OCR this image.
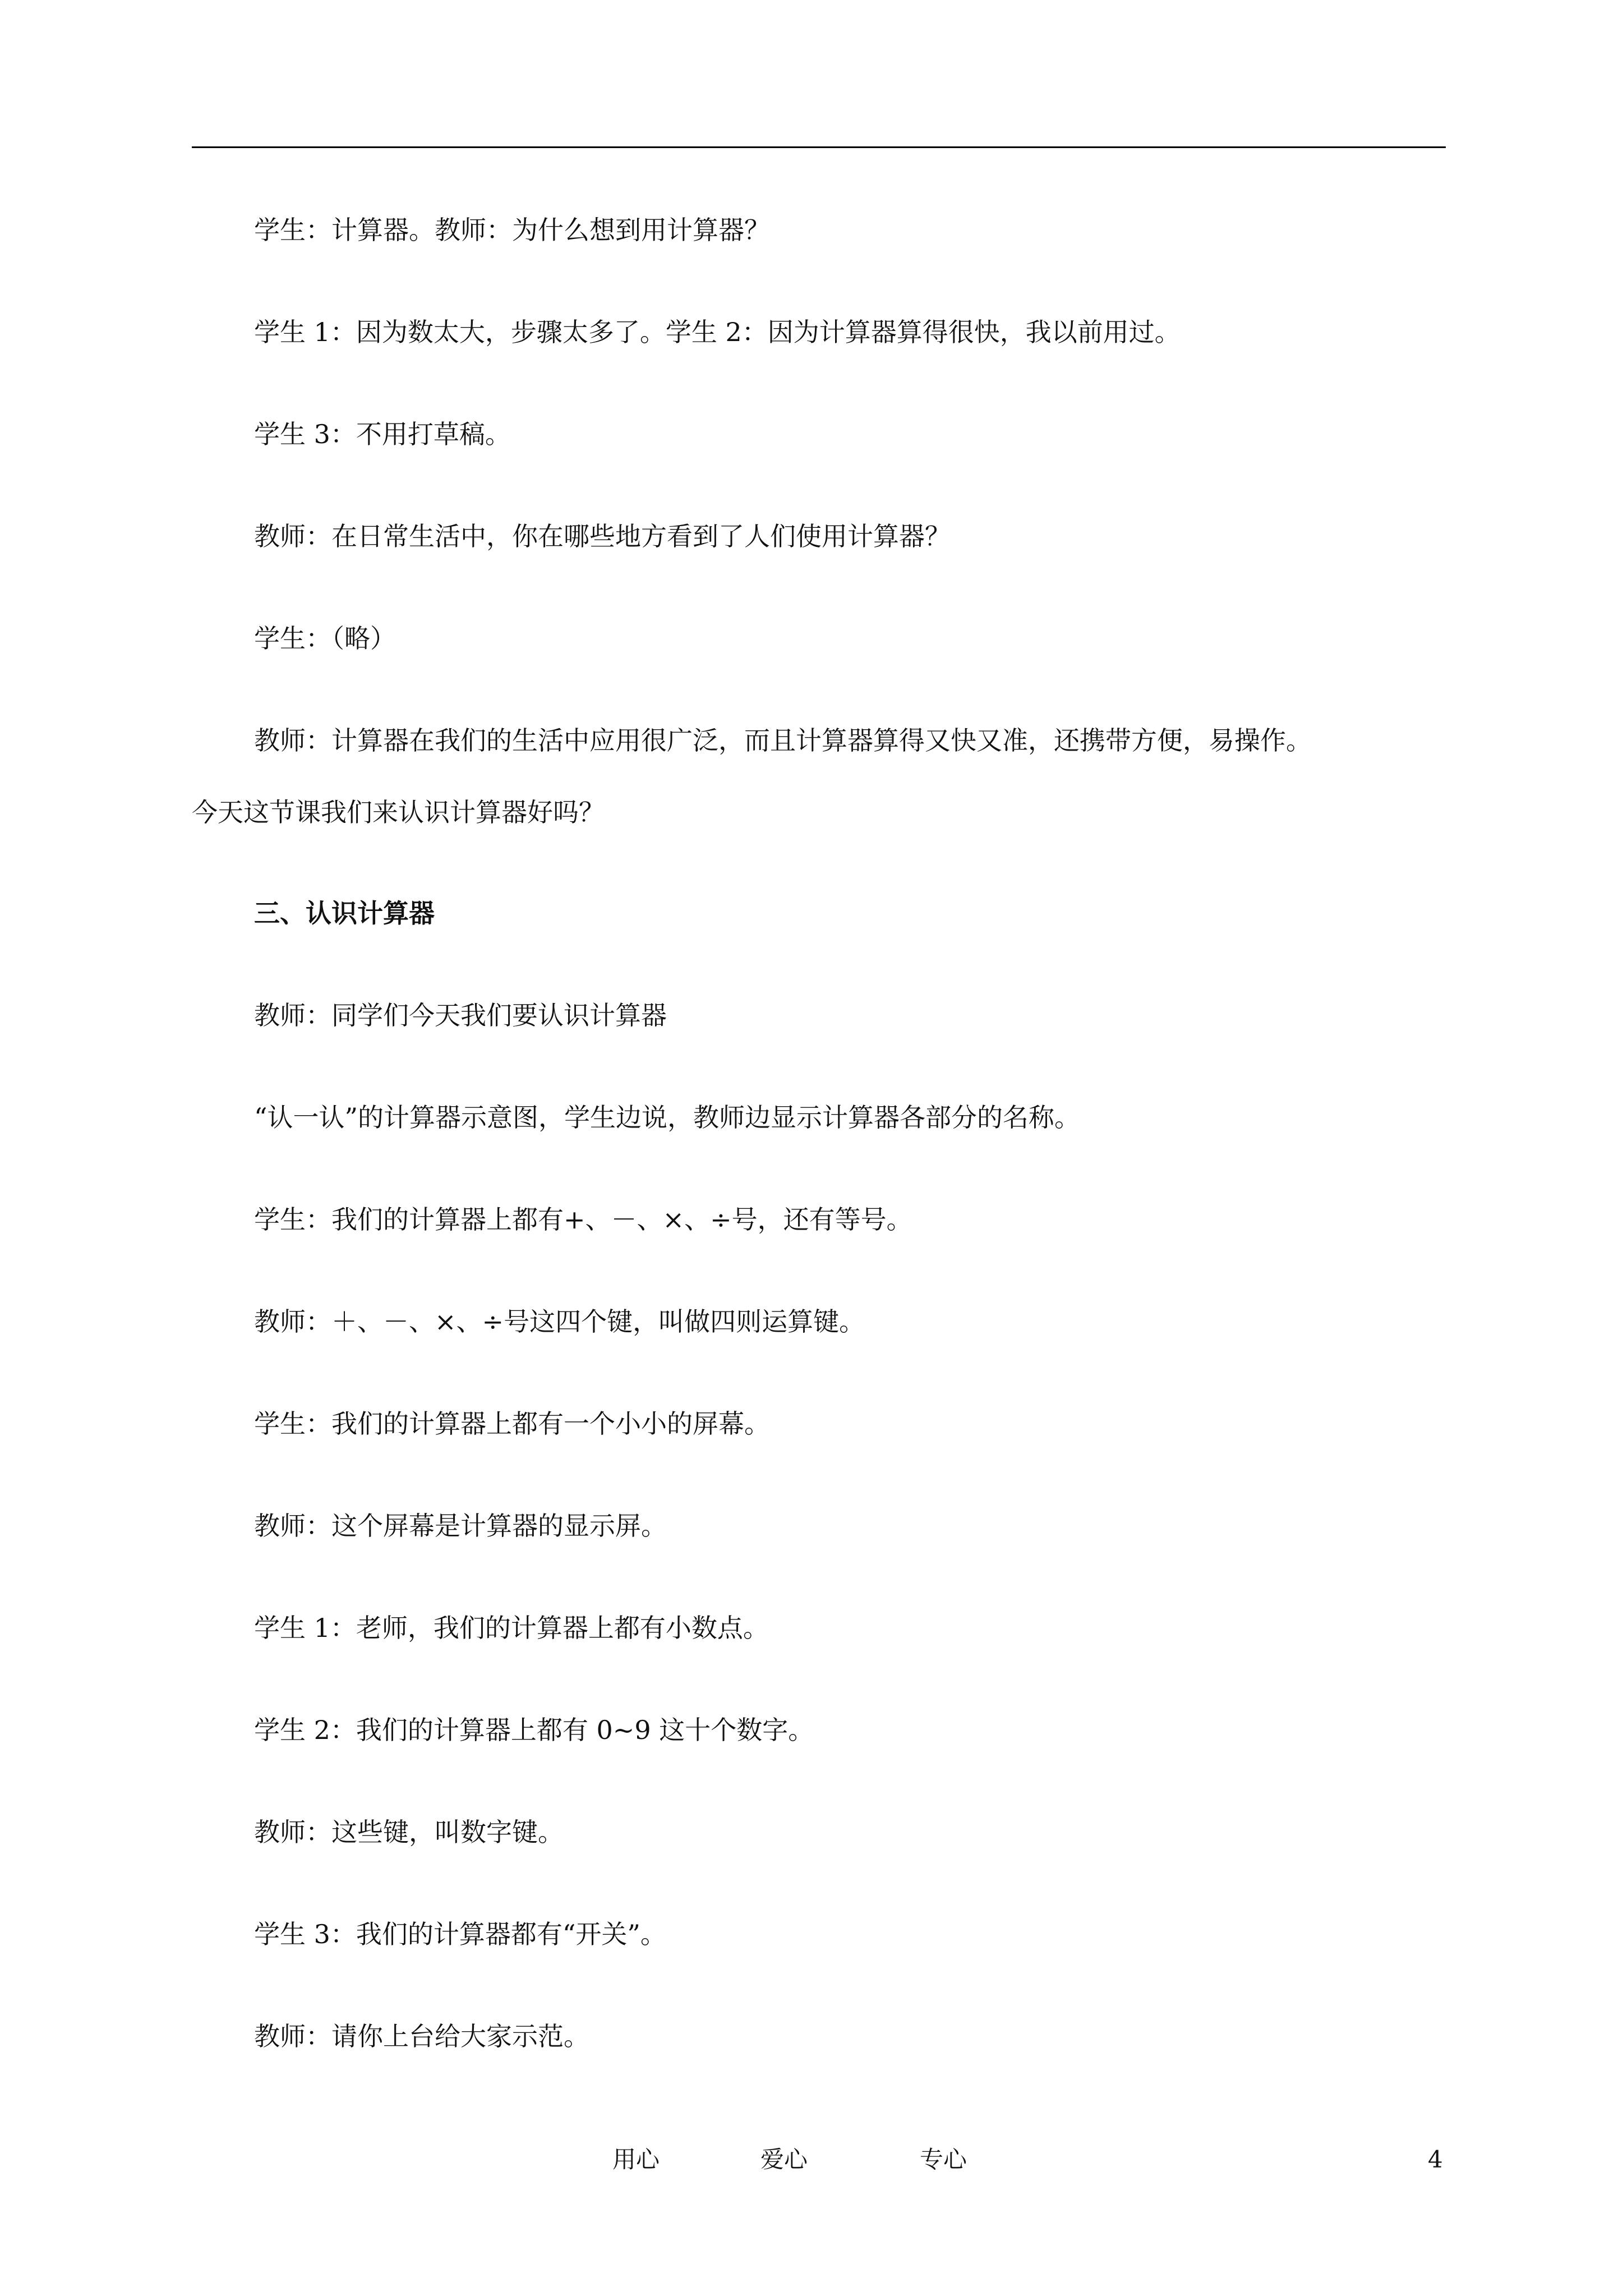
学生：计算器。教师：为什么想到用计算器？
学生 1：因为数太大，步骤太多了。学生 2：因为计算器算得很快，我以前用过。
学生 3：不用打草稿。
教师：在日常生活中，你在哪些地方看到了人们使用计算器？
学生：（略）
教师：计算器在我们的生活中应用很广泛，而且计算器算得又快又准，还携带方便，易操作。
今天这节课我们来认识计算器好吗？
三、认识计算器
教师：同学们今天我们要认识计算器
“认一认”的计算器示意图，学生边说，教师边显示计算器各部分的名称。
学生：我们的计算器上都有+、－、×、÷号，还有等号。
教师：＋、－、×、÷号这四个键，叫做四则运算键。
学生：我们的计算器上都有一个小小的屏幕。
教师：这个屏幕是计算器的显示屏。
学生 1：老师，我们的计算器上都有小数点。
学生 2：我们的计算器上都有 0~9 这十个数字。
教师：这些键，叫数字键。
学生 3：我们的计算器都有“开关”。
教师：请你上台给大家示范。
用心	爱心	专心	4
